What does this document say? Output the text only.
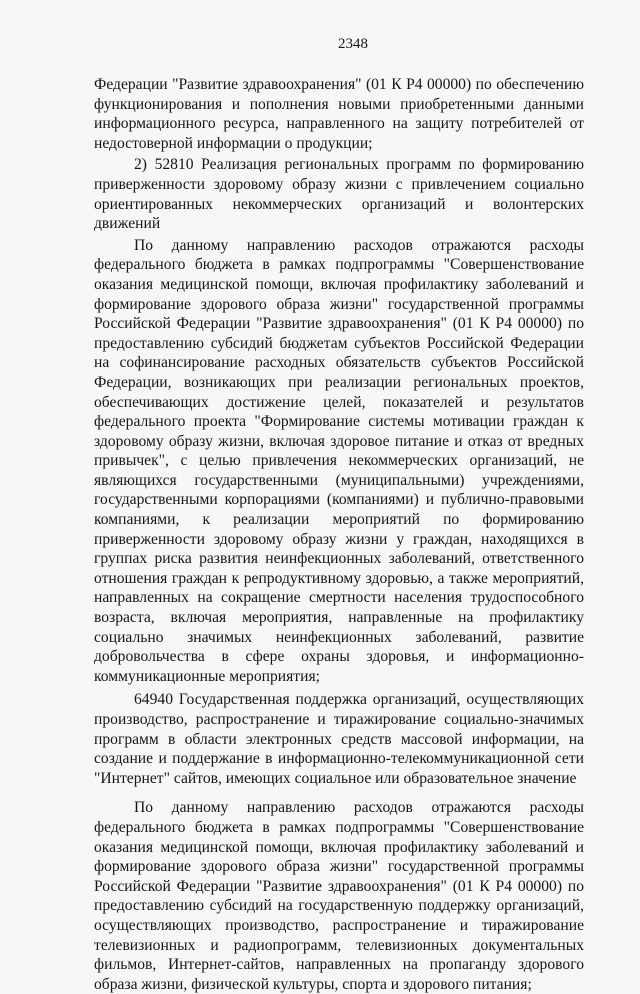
2348

Федерации "Развитие здравоохранения" (01 К Р4 00000) по обеспечению функционирования и пополнения новыми приобретенными данными информационного ресурса, направленного на защиту потребителей от недостоверной информации о продукции;

2) 52810 Реализация региональных программ по формированию приверженности здоровому образу жизни с привлечением социально ориентированных некоммерческих организаций и волонтерских движений

По данному направлению расходов отражаются расходы федерального бюджета в рамках подпрограммы "Совершенствование оказания медицинской помощи, включая профилактику заболеваний и формирование здорового образа жизни" государственной программы Российской Федерации "Развитие здравоохранения" (01 К Р4 00000) по предоставлению субсидий бюджетам субъектов Российской Федерации на софинансирование расходных обязательств субъектов Российской Федерации, возникающих при реализации региональных проектов, обеспечивающих достижение целей, показателей и результатов федерального проекта "Формирование системы мотивации граждан к здоровому образу жизни, включая здоровое питание и отказ от вредных привычек", с целью привлечения некоммерческих организаций, не являющихся государственными (муниципальными) учреждениями, государственными корпорациями (компаниями) и публично-правовыми компаниями, к реализации мероприятий по формированию приверженности здоровому образу жизни у граждан, находящихся в группах риска развития неинфекционных заболеваний, ответственного отношения граждан к репродуктивному здоровью, а также мероприятий, направленных на сокращение смертности населения трудоспособного возраста, включая мероприятия, направленные на профилактику социально значимых неинфекционных заболеваний, развитие добровольчества в сфере охраны здоровья, и информационно-коммуникационные мероприятия;

64940 Государственная поддержка организаций, осуществляющих производство, распространение и тиражирование социально-значимых программ в области электронных средств массовой информации, на создание и поддержание в информационно-телекоммуникационной сети "Интернет" сайтов, имеющих социальное или образовательное значение

По данному направлению расходов отражаются расходы федерального бюджета в рамках подпрограммы "Совершенствование оказания медицинской помощи, включая профилактику заболеваний и формирование здорового образа жизни" государственной программы Российской Федерации "Развитие здравоохранения" (01 К Р4 00000) по предоставлению субсидий на государственную поддержку организаций, осуществляющих производство, распространение и тиражирование телевизионных и радиопрограмм, телевизионных документальных фильмов, Интернет-сайтов, направленных на пропаганду здорового образа жизни, физической культуры, спорта и здорового питания;
